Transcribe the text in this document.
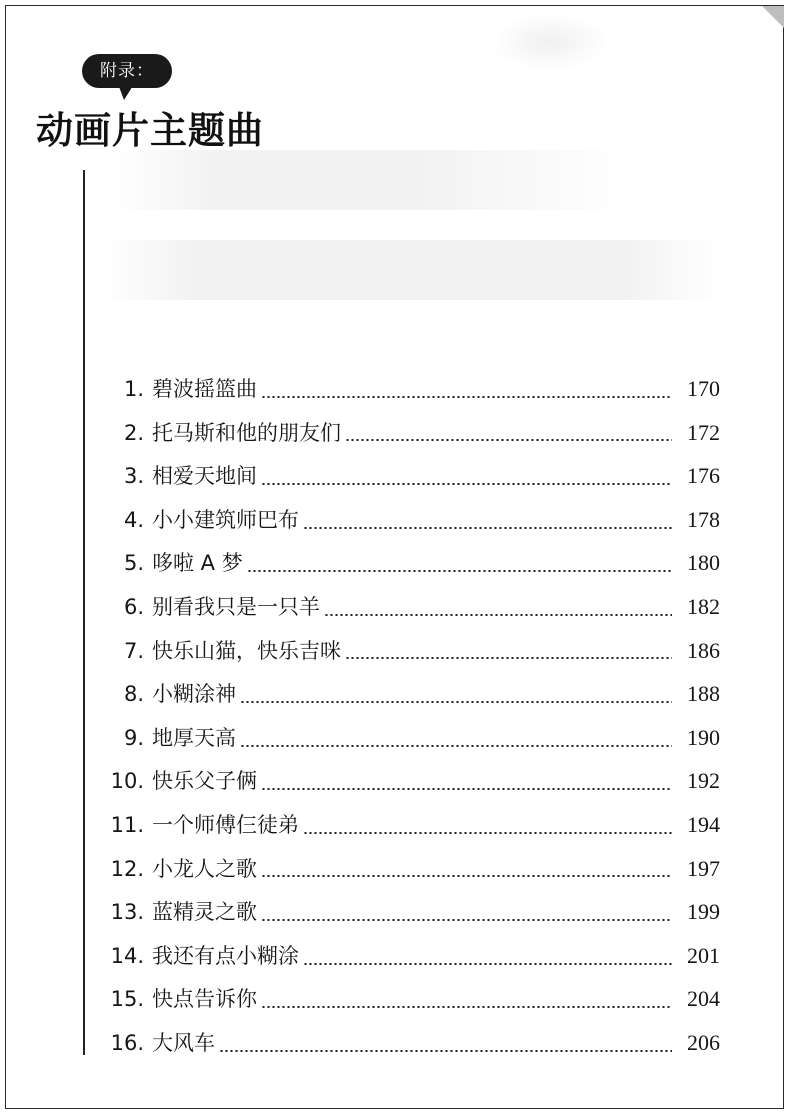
附录：
动画片主题曲
1. 碧波摇篮曲	170
2. 托马斯和他的朋友们	172
3. 相爱天地间	176
4. 小小建筑师巴布	178
5. 哆啦 A 梦	180
6. 别看我只是一只羊	182
7. 快乐山猫，快乐吉咪	186
8. 小糊涂神	188
9. 地厚天高	190
10. 快乐父子俩	192
11. 一个师傅仨徒弟	194
12. 小龙人之歌	197
13. 蓝精灵之歌	199
14. 我还有点小糊涂	201
15. 快点告诉你	204
16. 大风车	206
